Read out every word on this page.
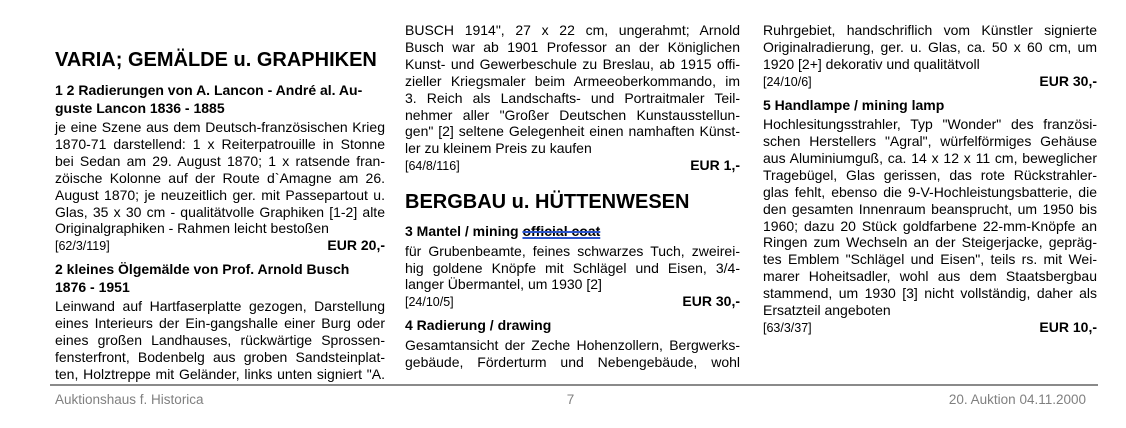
VARIA; GEMÄLDE u. GRAPHIKEN
1 2 Radierungen von A. Lancon - André al. Au-
guste Lancon 1836 - 1885
je eine Szene aus dem Deutsch-französischen Krieg
1870-71 darstellend: 1 x Reiterpatrouille in Stonne
bei Sedan am 29. August 1870; 1 x ratsende fran-
zöische Kolonne auf der Route d`Amagne am 26.
August 1870; je neuzeitlich ger. mit Passepartout u.
Glas, 35 x 30 cm - qualitätvolle Graphiken [1-2] alte
Originalgraphiken - Rahmen leicht bestoßen
[62/3/119]	EUR 20,-
2 kleines Ölgemälde von Prof. Arnold Busch
1876 - 1951
Leinwand auf Hartfaserplatte gezogen, Darstellung
eines Interieurs der Ein-gangshalle einer Burg oder
eines großen Landhauses, rückwärtige Sprossen-
fensterfront, Bodenbelg aus groben Sandsteinplat-
ten, Holztreppe mit Geländer, links unten signiert "A.
BUSCH 1914", 27 x 22 cm, ungerahmt; Arnold
Busch war ab 1901 Professor an der Königlichen
Kunst- und Gewerbeschule zu Breslau, ab 1915 offi-
zieller Kriegsmaler beim Armeeoberkommando, im
3. Reich als Landschafts- und Portraitmaler Teil-
nehmer aller "Großer Deutschen Kunstausstellun-
gen" [2] seltene Gelegenheit einen namhaften Künst-
ler zu kleinem Preis zu kaufen
[64/8/116]	EUR 1,-
BERGBAU u. HÜTTENWESEN
3 Mantel / mining official coat
für Grubenbeamte, feines schwarzes Tuch, zweirei-
hig goldene Knöpfe mit Schlägel und Eisen, 3/4-
langer Übermantel, um 1930 [2]
[24/10/5]	EUR 30,-
4 Radierung / drawing
Gesamtansicht der Zeche Hohenzollern, Bergwerks-
gebäude, Förderturm und Nebengebäude, wohl
Ruhrgebiet, handschriflich vom Künstler signierte
Originalradierung, ger. u. Glas, ca. 50 x 60 cm, um
1920 [2+] dekorativ und qualitätvoll
[24/10/6]	EUR 30,-
5 Handlampe / mining lamp
Hochlesitungsstrahler, Typ "Wonder" des französi-
schen Herstellers "Agral", würfelförmiges Gehäuse
aus Aluminiumguß, ca. 14 x 12 x 11 cm, beweglicher
Tragebügel, Glas gerissen, das rote Rückstrahler-
glas fehlt, ebenso die 9-V-Hochleistungsbatterie, die
den gesamten Innenraum beansprucht, um 1950 bis
1960; dazu 20 Stück goldfarbene 22-mm-Knöpfe an
Ringen zum Wechseln an der Steigerjacke, gepräg-
tes Emblem "Schlägel und Eisen", teils rs. mit Wei-
marer Hoheitsadler, wohl aus dem Staatsbergbau
stammend, um 1930 [3] nicht vollständig, daher als
Ersatzteil angeboten
[63/3/37]	EUR 10,-
Auktionshaus f. Historica	7	20. Auktion 04.11.2000
